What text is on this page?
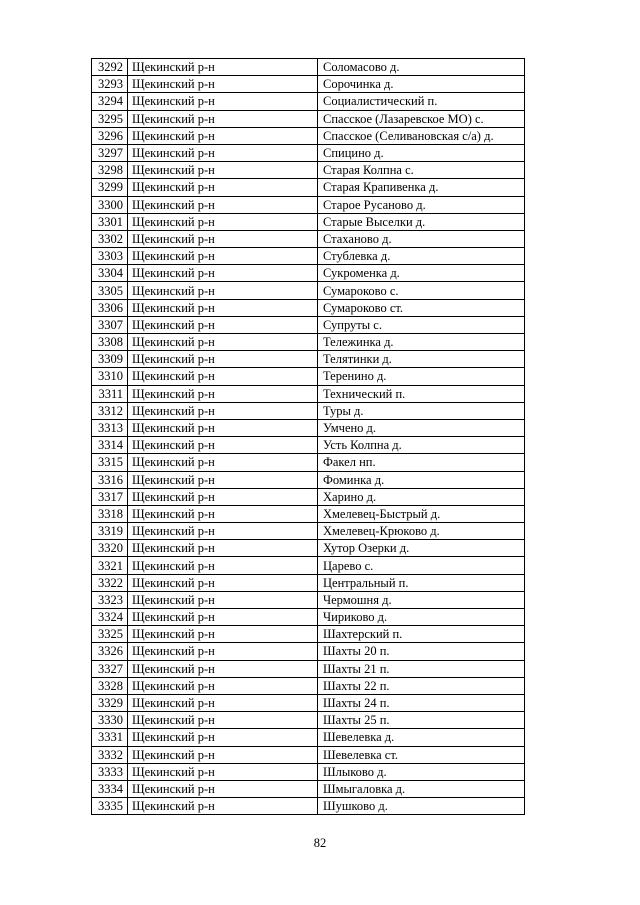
3292	Щекинский р-н	Соломасово д.
3293	Щекинский р-н	Сорочинка д.
3294	Щекинский р-н	Социалистический п.
3295	Щекинский р-н	Спасское (Лазаревское МО) с.
3296	Щекинский р-н	Спасское (Селивановская с/а) д.
3297	Щекинский р-н	Спицино д.
3298	Щекинский р-н	Старая Колпна с.
3299	Щекинский р-н	Старая Крапивенка д.
3300	Щекинский р-н	Старое Русаново д.
3301	Щекинский р-н	Старые Выселки д.
3302	Щекинский р-н	Стаханово д.
3303	Щекинский р-н	Стублевка д.
3304	Щекинский р-н	Сукроменка д.
3305	Щекинский р-н	Сумароково с.
3306	Щекинский р-н	Сумароково ст.
3307	Щекинский р-н	Супруты с.
3308	Щекинский р-н	Тележинка д.
3309	Щекинский р-н	Телятинки д.
3310	Щекинский р-н	Теренино д.
3311	Щекинский р-н	Технический п.
3312	Щекинский р-н	Туры д.
3313	Щекинский р-н	Умчено д.
3314	Щекинский р-н	Усть Колпна д.
3315	Щекинский р-н	Факел нп.
3316	Щекинский р-н	Фоминка д.
3317	Щекинский р-н	Харино д.
3318	Щекинский р-н	Хмелевец-Быстрый д.
3319	Щекинский р-н	Хмелевец-Крюково д.
3320	Щекинский р-н	Хутор Озерки д.
3321	Щекинский р-н	Царево с.
3322	Щекинский р-н	Центральный п.
3323	Щекинский р-н	Чермошня д.
3324	Щекинский р-н	Чириково д.
3325	Щекинский р-н	Шахтерский п.
3326	Щекинский р-н	Шахты 20 п.
3327	Щекинский р-н	Шахты 21 п.
3328	Щекинский р-н	Шахты 22 п.
3329	Щекинский р-н	Шахты 24 п.
3330	Щекинский р-н	Шахты 25 п.
3331	Щекинский р-н	Шевелевка д.
3332	Щекинский р-н	Шевелевка ст.
3333	Щекинский р-н	Шлыково д.
3334	Щекинский р-н	Шмыгаловка д.
3335	Щекинский р-н	Шушково д.
82
